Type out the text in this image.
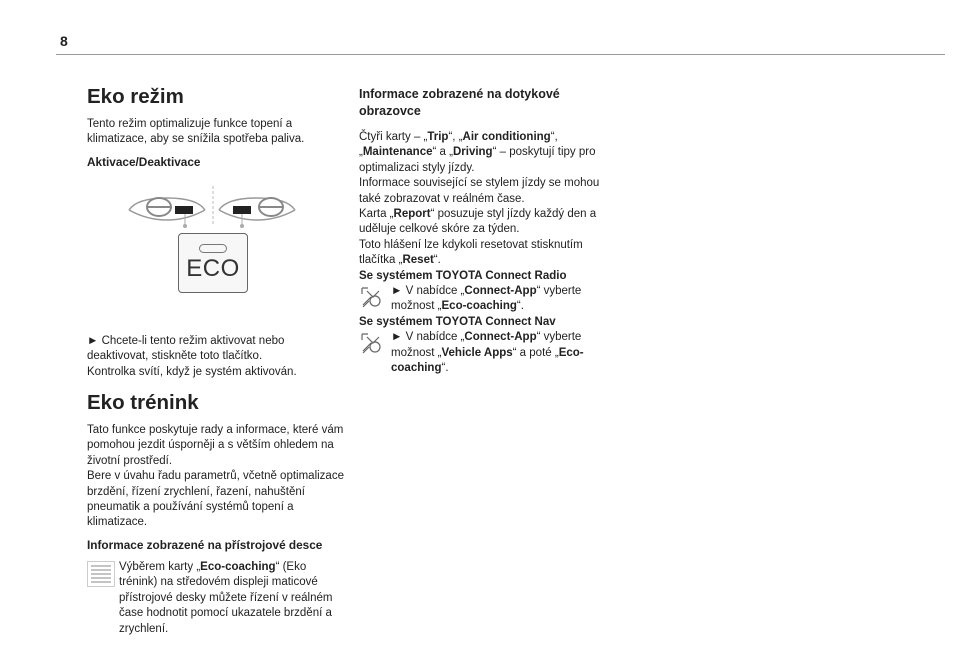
8
Eko režim

Tento režim optimalizuje funkce topení a klimatizace, aby se snížila spotřeba paliva.

Aktivace/Deaktivace
ECO

► Chcete-li tento režim aktivovat nebo deaktivovat, stiskněte toto tlačítko.

Kontrolka svítí, když je systém aktivován.

Eko trénink

Tato funkce poskytuje rady a informace, které vám pomohou jezdit úsporněji a s větším ohledem na životní prostředí.

Bere v úvahu řadu parametrů, včetně optimalizace brzdění, řízení zrychlení, řazení, nahuštění pneumatik a používání systémů topení a klimatizace.

Informace zobrazené na přístrojové desce
Výběrem karty „Eco-coaching“ (Eko trénink) na středovém displeji maticové přístrojové desky můžete řízení v reálném čase hodnotit pomocí ukazatele brzdění a zrychlení.
Informace zobrazené na dotykové obrazovce

Čtyři karty – „Trip“, „Air conditioning“, „Maintenance“ a „Driving“ – poskytují tipy pro optimalizaci styly jízdy.

Informace související se stylem jízdy se mohou také zobrazovat v reálném čase.

Karta „Report“ posuzuje styl jízdy každý den a uděluje celkové skóre za týden.

Toto hlášení lze kdykoli resetovat stisknutím tlačítka „Reset“.

Se systémem TOYOTA Connect Radio

► V nabídce „Connect-App“ vyberte možnost „Eco-coaching“.

Se systémem TOYOTA Connect Nav

► V nabídce „Connect-App“ vyberte možnost „Vehicle Apps“ a poté „Eco-coaching“.
